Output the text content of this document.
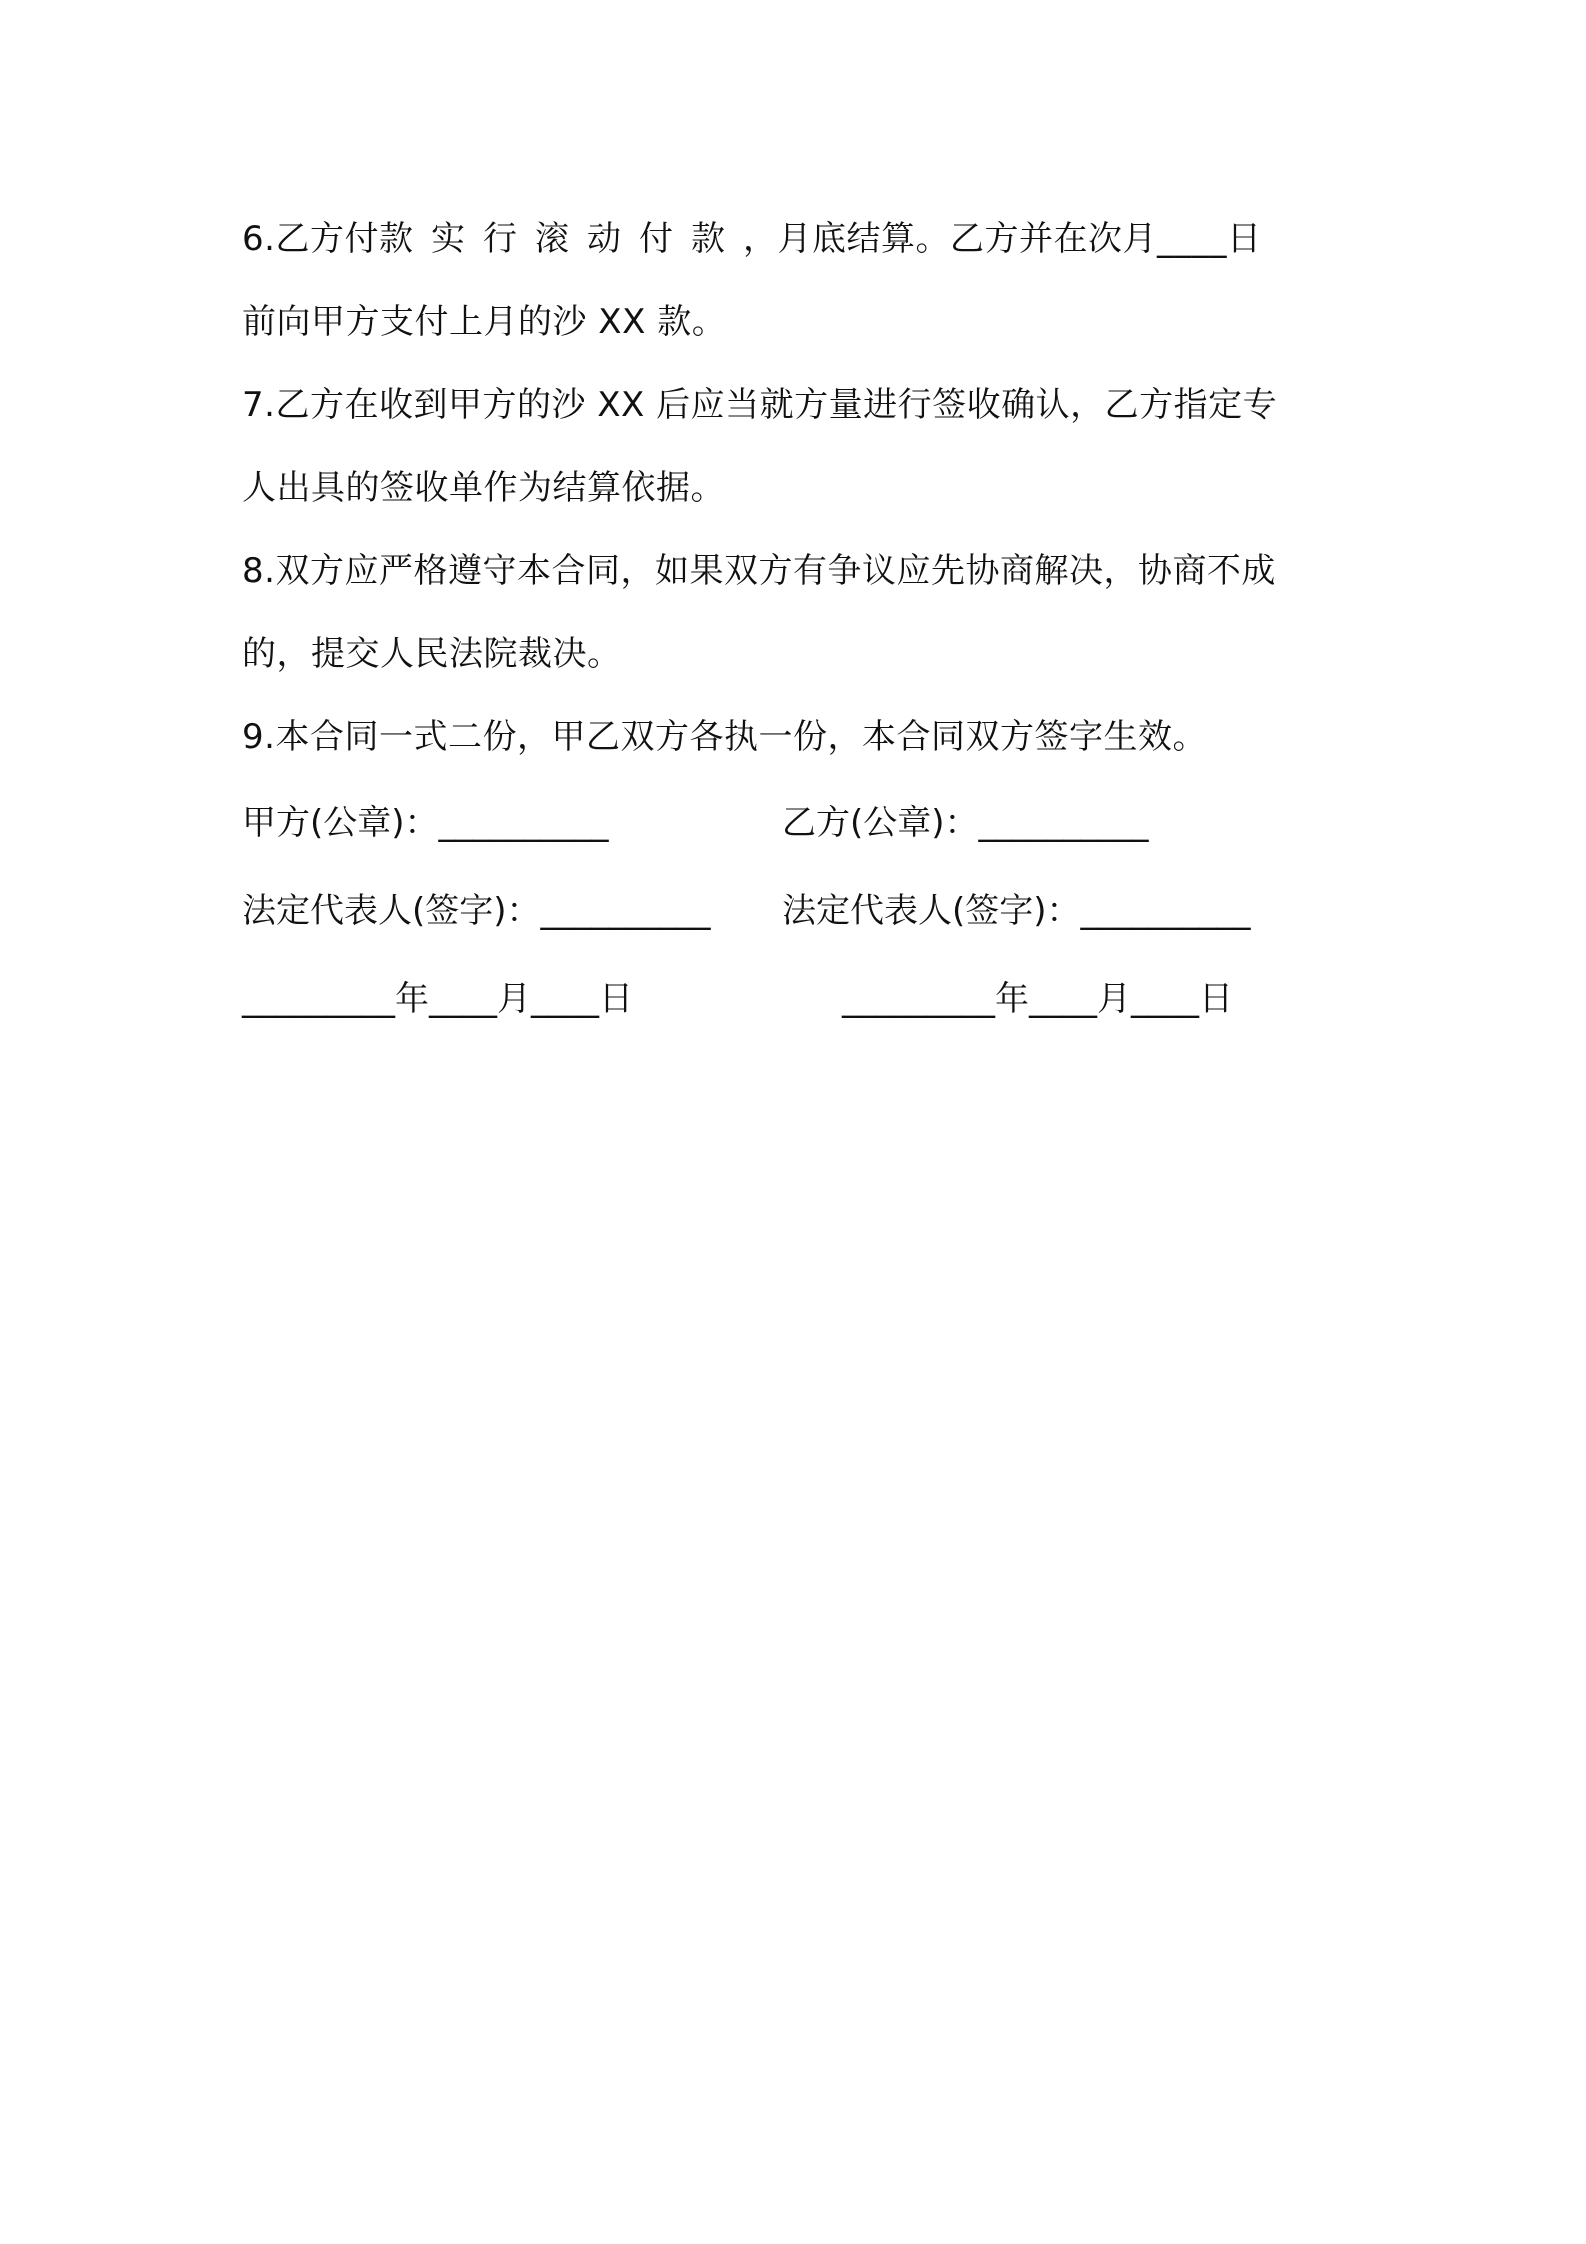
6.乙方付款实行滚动付款，月底结算。乙方并在次月____日
前向甲方支付上月的沙 XX 款。
7.乙方在收到甲方的沙 XX 后应当就方量进行签收确认，乙方指定专
人出具的签收单作为结算依据。
8.双方应严格遵守本合同，如果双方有争议应先协商解决，协商不成
的，提交人民法院裁决。
9.本合同一式二份，甲乙双方各执一份，本合同双方签字生效。
甲方(公章)：__________	乙方(公章)：__________
法定代表人(签字)：__________ 法定代表人(签字)：__________
_________年____月____日	_________年____月____日
